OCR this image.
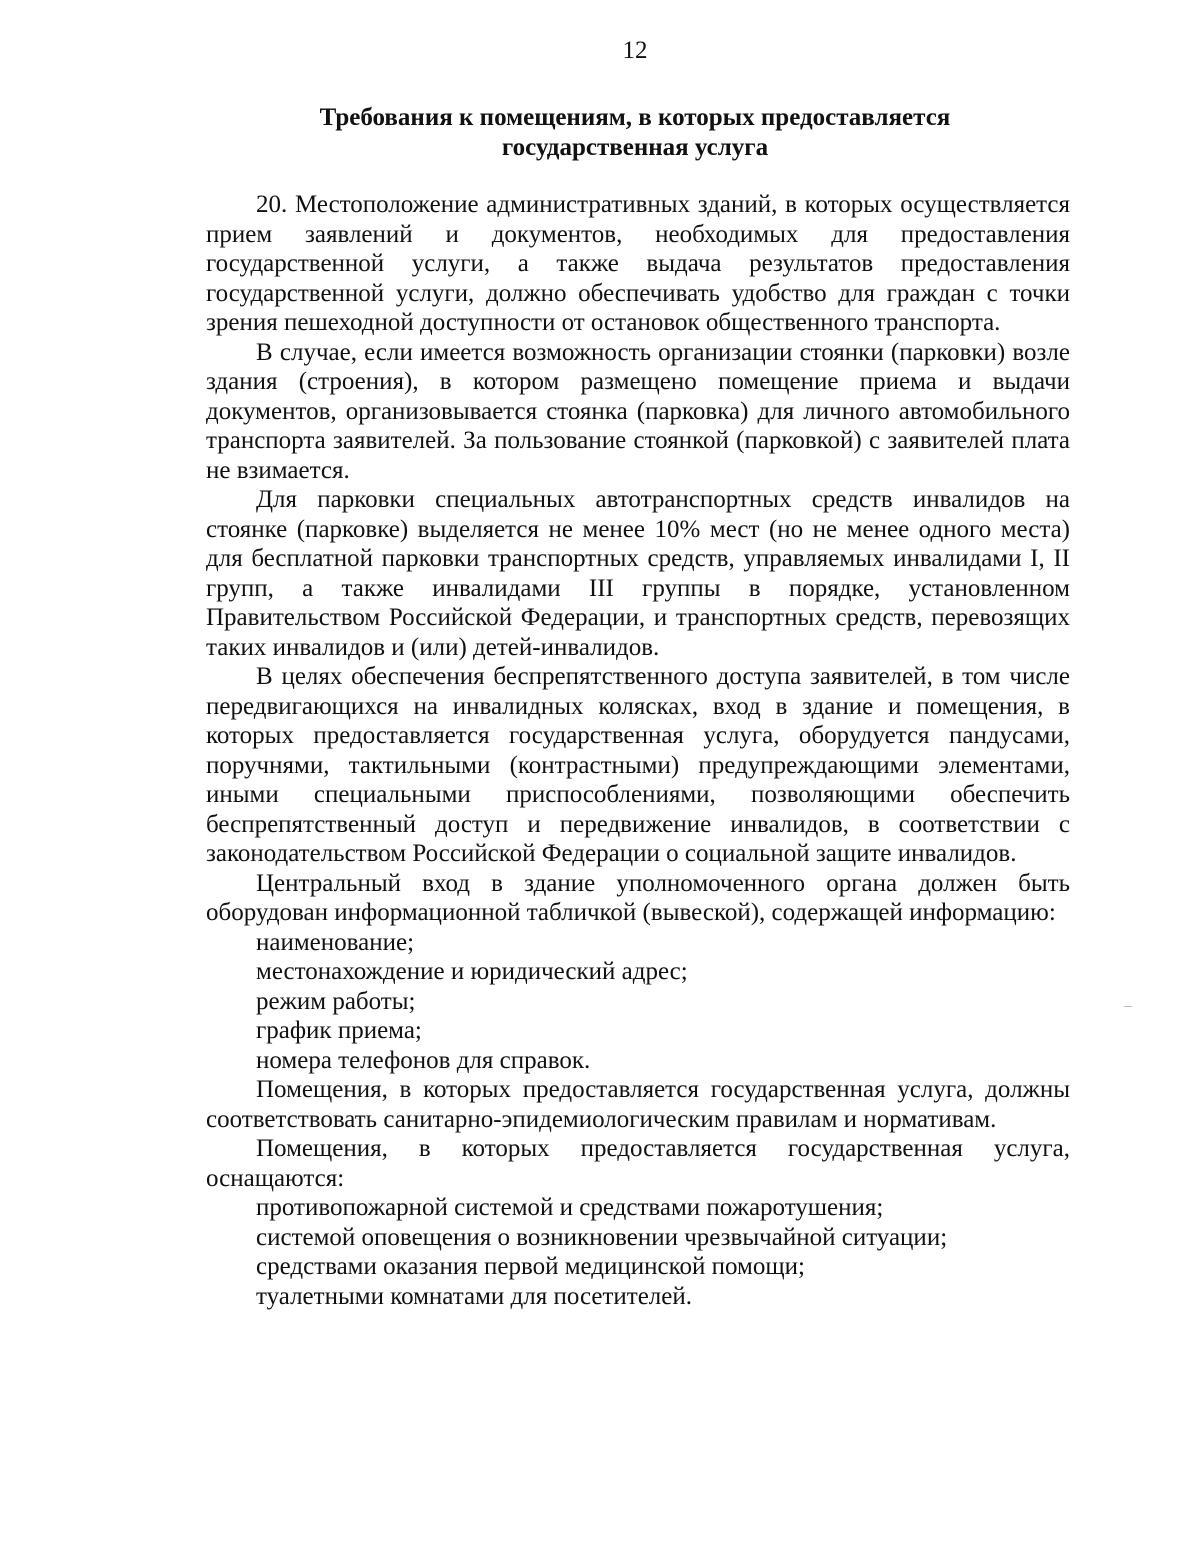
12
Требования к помещениям, в которых предоставляется
государственная услуга

20. Местоположение административных зданий, в которых осуществляется прием заявлений и документов, необходимых для предоставления государственной услуги, а также выдача результатов предоставления государственной услуги, должно обеспечивать удобство для граждан с точки зрения пешеходной доступности от остановок общественного транспорта.

В случае, если имеется возможность организации стоянки (парковки) возле здания (строения), в котором размещено помещение приема и выдачи документов, организовывается стоянка (парковка) для личного автомобильного транспорта заявителей. За пользование стоянкой (парковкой) с заявителей плата не взимается.

Для парковки специальных автотранспортных средств инвалидов на стоянке (парковке) выделяется не менее 10% мест (но не менее одного места) для бесплатной парковки транспортных средств, управляемых инвалидами I, II групп, а также инвалидами III группы в порядке, установленном Правительством Российской Федерации, и транспортных средств, перевозящих таких инвалидов и (или) детей-инвалидов.

В целях обеспечения беспрепятственного доступа заявителей, в том числе передвигающихся на инвалидных колясках, вход в здание и помещения, в которых предоставляется государственная услуга, оборудуется пандусами, поручнями, тактильными (контрастными) предупреждающими элементами, иными специальными приспособлениями, позволяющими обеспечить беспрепятственный доступ и передвижение инвалидов, в соответствии с законодательством Российской Федерации о социальной защите инвалидов.

Центральный вход в здание уполномоченного органа должен быть оборудован информационной табличкой (вывеской), содержащей информацию:

наименование;

местонахождение и юридический адрес;

режим работы;

график приема;

номера телефонов для справок.

Помещения, в которых предоставляется государственная услуга, должны соответствовать санитарно-эпидемиологическим правилам и нормативам.

Помещения, в которых предоставляется государственная услуга, оснащаются:

противопожарной системой и средствами пожаротушения;

системой оповещения о возникновении чрезвычайной ситуации;

средствами оказания первой медицинской помощи;

туалетными комнатами для посетителей.
